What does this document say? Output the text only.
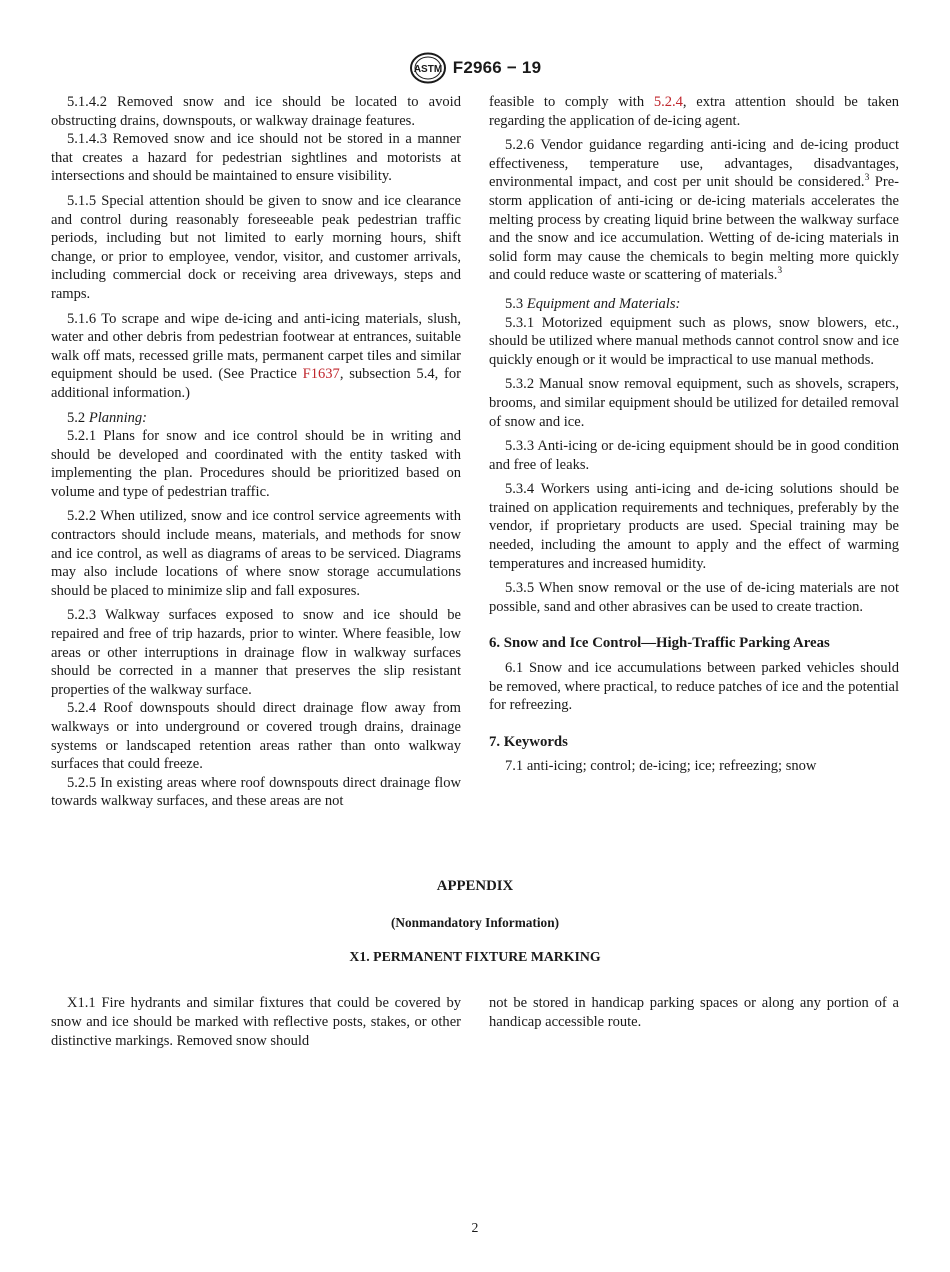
ASTM F2966 − 19

5.1.4.2 Removed snow and ice should be located to avoid obstructing drains, downspouts, or walkway drainage features.

5.1.4.3 Removed snow and ice should not be stored in a manner that creates a hazard for pedestrian sightlines and motorists at intersections and should be maintained to ensure visibility.

5.1.5 Special attention should be given to snow and ice clearance and control during reasonably foreseeable peak pedestrian traffic periods, including but not limited to early morning hours, shift change, or prior to employee, vendor, visitor, and customer arrivals, including commercial dock or receiving area driveways, steps and ramps.

5.1.6 To scrape and wipe de-icing and anti-icing materials, slush, water and other debris from pedestrian footwear at entrances, suitable walk off mats, recessed grille mats, permanent carpet tiles and similar equipment should be used. (See Practice F1637, subsection 5.4, for additional information.)

5.2 Planning:

5.2.1 Plans for snow and ice control should be in writing and should be developed and coordinated with the entity tasked with implementing the plan. Procedures should be prioritized based on volume and type of pedestrian traffic.

5.2.2 When utilized, snow and ice control service agreements with contractors should include means, materials, and methods for snow and ice control, as well as diagrams of areas to be serviced. Diagrams may also include locations of where snow storage accumulations should be placed to minimize slip and fall exposures.

5.2.3 Walkway surfaces exposed to snow and ice should be repaired and free of trip hazards, prior to winter. Where feasible, low areas or other interruptions in drainage flow in walkway surfaces should be corrected in a manner that preserves the slip resistant properties of the walkway surface.

5.2.4 Roof downspouts should direct drainage flow away from walkways or into underground or covered trough drains, drainage systems or landscaped retention areas rather than onto walkway surfaces that could freeze.

5.2.5 In existing areas where roof downspouts direct drainage flow towards walkway surfaces, and these areas are not

feasible to comply with 5.2.4, extra attention should be taken regarding the application of de-icing agent.

5.2.6 Vendor guidance regarding anti-icing and de-icing product effectiveness, temperature use, advantages, disadvantages, environmental impact, and cost per unit should be considered.$^3$ Pre-storm application of anti-icing or de-icing materials accelerates the melting process by creating liquid brine between the walkway surface and the snow and ice accumulation. Wetting of de-icing materials in solid form may cause the chemicals to begin melting more quickly and could reduce waste or scattering of materials.$^3$

5.3 Equipment and Materials:

5.3.1 Motorized equipment such as plows, snow blowers, etc., should be utilized where manual methods cannot control snow and ice quickly enough or it would be impractical to use manual methods.

5.3.2 Manual snow removal equipment, such as shovels, scrapers, brooms, and similar equipment should be utilized for detailed removal of snow and ice.

5.3.3 Anti-icing or de-icing equipment should be in good condition and free of leaks.

5.3.4 Workers using anti-icing and de-icing solutions should be trained on application requirements and techniques, preferably by the vendor, if proprietary products are used. Special training may be needed, including the amount to apply and the effect of warming temperatures and increased humidity.

5.3.5 When snow removal or the use of de-icing materials are not possible, sand and other abrasives can be used to create traction.

6. Snow and Ice Control—High-Traffic Parking Areas

6.1 Snow and ice accumulations between parked vehicles should be removed, where practical, to reduce patches of ice and the potential for refreezing.

7. Keywords

7.1 anti-icing; control; de-icing; ice; refreezing; snow

APPENDIX
(Nonmandatory Information)
X1. PERMANENT FIXTURE MARKING

X1.1 Fire hydrants and similar fixtures that could be covered by snow and ice should be marked with reflective posts, stakes, or other distinctive markings. Removed snow should

not be stored in handicap parking spaces or along any portion of a handicap accessible route.

2
